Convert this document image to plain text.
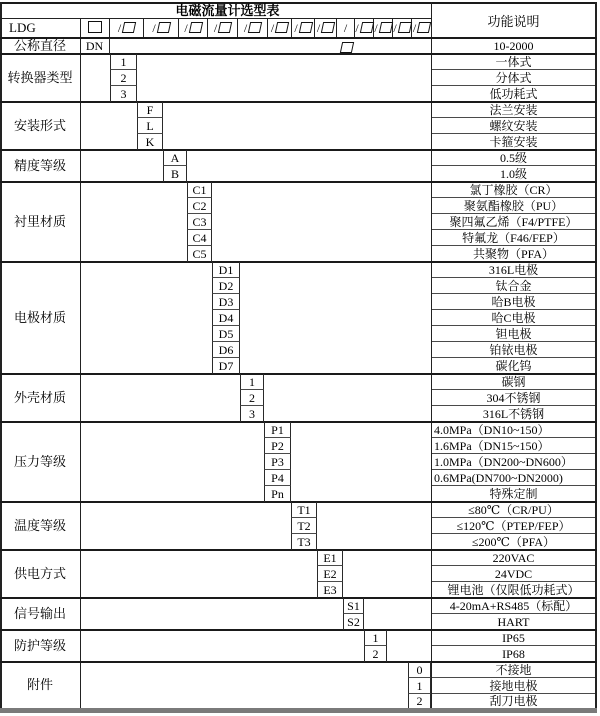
电磁流量计选型表
功能说明
LDG	/	/	/	/	/	/	/	/	/ /	/	/	/
公称直径	DN	10-2000
转换器类型
1	一体式
2	分体式
3	低功耗式
安装形式
F	法兰安装
L	螺纹安装
K	卡箍安装
精度等级	A	0.5级
B	1.0级
衬里材质
C1	氯丁橡胶（CR）
C2	聚氨酯橡胶（PU）
C3	聚四氟乙烯（F4/PTFE）
C4	特氟龙（F46/FEP）
C5	共聚物（PFA）
电极材质
D1	316L电极
D2	钛合金
D3	哈B电极
D4	哈C电极
D5	钽电极
D6	铂铱电极
D7	碳化钨
外壳材质
1	碳钢
2	304不锈钢
3	316L不锈钢
压力等级
P1	4.0MPa（DN10~150）
P2	1.6MPa（DN15~150）
P3	1.0MPa（DN200~DN600）
P4	0.6MPa(DN700~DN2000)
Pn	特殊定制
温度等级
T1	≤80℃（CR/PU）
T2	≤120℃（PTEP/FEP）
T3	≤200℃（PFA）
供电方式
E1	220VAC
E2	24VDC
E3	锂电池（仅限低功耗式）
信号输出	S1	4-20mA+RS485（标配）
S2	HART
防护等级	1	IP65
2	IP68
附件
0	不接地
1	接地电极
2	刮刀电极
